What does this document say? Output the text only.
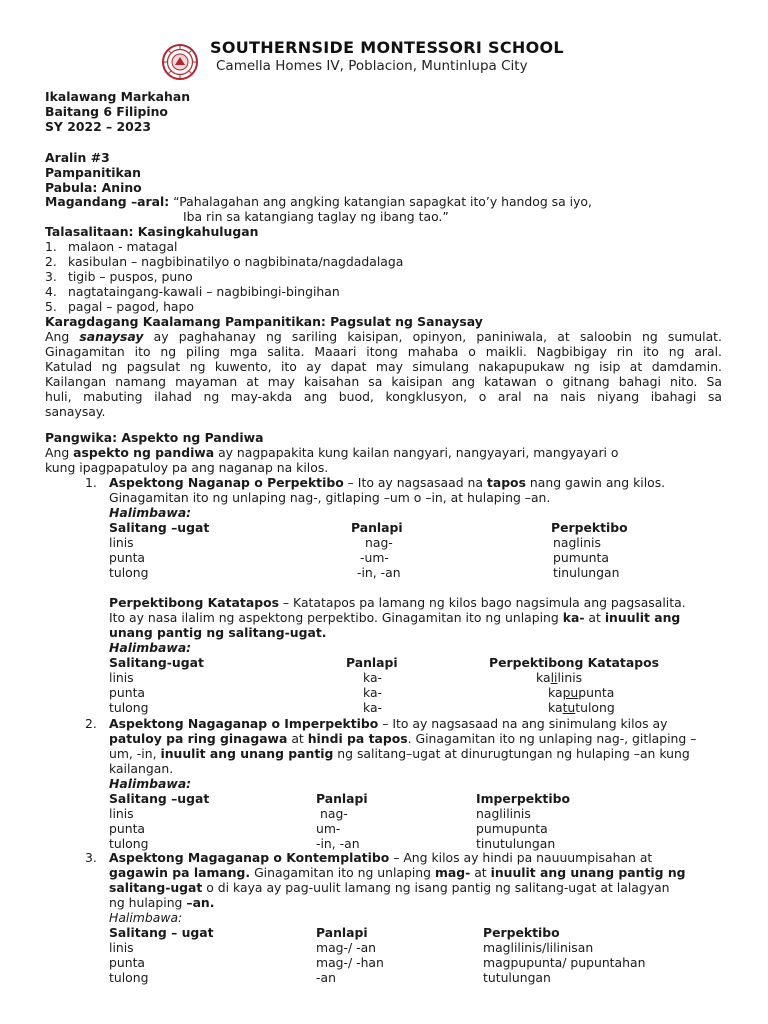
SOUTHERNSIDE MONTESSORI SCHOOL
Camella Homes IV, Poblacion, Muntinlupa City
Ikalawang Markahan
Baitang 6 Filipino
SY 2022 – 2023
Aralin #3
Pampanitikan
Pabula: Anino
Magandang –aral: “Pahalagahan ang angking katangian sapagkat ito’y handog sa iyo,
Iba rin sa katangiang taglay ng ibang tao.”
Talasalitaan: Kasingkahulugan
1. malaon - matagal
2. kasibulan – nagbibinatilyo o nagbibinata/nagdadalaga
3. tigib – puspos, puno
4. nagtataingang-kawali – nagbibingi-bingihan
5. pagal – pagod, hapo
Karagdagang Kaalamang Pampanitikan: Pagsulat ng Sanaysay
Ang sanaysay ay paghahanay ng sariling kaisipan, opinyon, paniniwala, at saloobin ng sumulat.
Ginagamitan ito ng piling mga salita. Maaari itong mahaba o maikli. Nagbibigay rin ito ng aral.
Katulad ng pagsulat ng kuwento, ito ay dapat may simulang nakapupukaw ng isip at damdamin.
Kailangan namang mayaman at may kaisahan sa kaisipan ang katawan o gitnang bahagi nito. Sa
huli, mabuting ilahad ng may-akda ang buod, kongklusyon, o aral na nais niyang ibahagi sa
sanaysay.
Pangwika: Aspekto ng Pandiwa
Ang aspekto ng pandiwa ay nagpapakita kung kailan nangyari, nangyayari, mangyayari o
kung ipagpapatuloy pa ang naganap na kilos.
1. Aspektong Naganap o Perpektibo – Ito ay nagsasaad na tapos nang gawin ang kilos.
Ginagamitan ito ng unlaping nag-, gitlaping –um o –in, at hulaping –an.
Halimbawa:
Salitang –ugat	Panlapi	Perpektibo
linis	nag-	naglinis
punta	-um-	pumunta
tulong	-in, -an	tinulungan
Perpektibong Katatapos – Katatapos pa lamang ng kilos bago nagsimula ang pagsasalita.
Ito ay nasa ilalim ng aspektong perpektibo. Ginagamitan ito ng unlaping ka- at inuulit ang
unang pantig ng salitang-ugat.
Halimbawa:
Salitang-ugat	Panlapi	Perpektibong Katatapos
linis	ka-	kalilinis
punta	ka-	kapupunta
tulong	ka-	katutulong
2. Aspektong Nagaganap o Imperpektibo – Ito ay nagsasaad na ang sinimulang kilos ay
patuloy pa ring ginagawa at hindi pa tapos. Ginagamitan ito ng unlaping nag-, gitlaping –
um, -in, inuulit ang unang pantig ng salitang–ugat at dinurugtungan ng hulaping –an kung
kailangan.
Halimbawa:
Salitang –ugat	Panlapi	Imperpektibo
linis	nag-	naglilinis
punta	um-	pumupunta
tulong	-in, -an	tinutulungan
3. Aspektong Magaganap o Kontemplatibo – Ang kilos ay hindi pa nauuumpisahan at
gagawin pa lamang. Ginagamitan ito ng unlaping mag- at inuulit ang unang pantig ng
salitang-ugat o di kaya ay pag-uulit lamang ng isang pantig ng salitang-ugat at lalagyan
ng hulaping –an.
Halimbawa:
Salitang – ugat	Panlapi	Perpektibo
linis	mag-/ -an	maglilinis/lilinisan
punta	mag-/ -han	magpupunta/ pupuntahan
tulong	-an	tutulungan
